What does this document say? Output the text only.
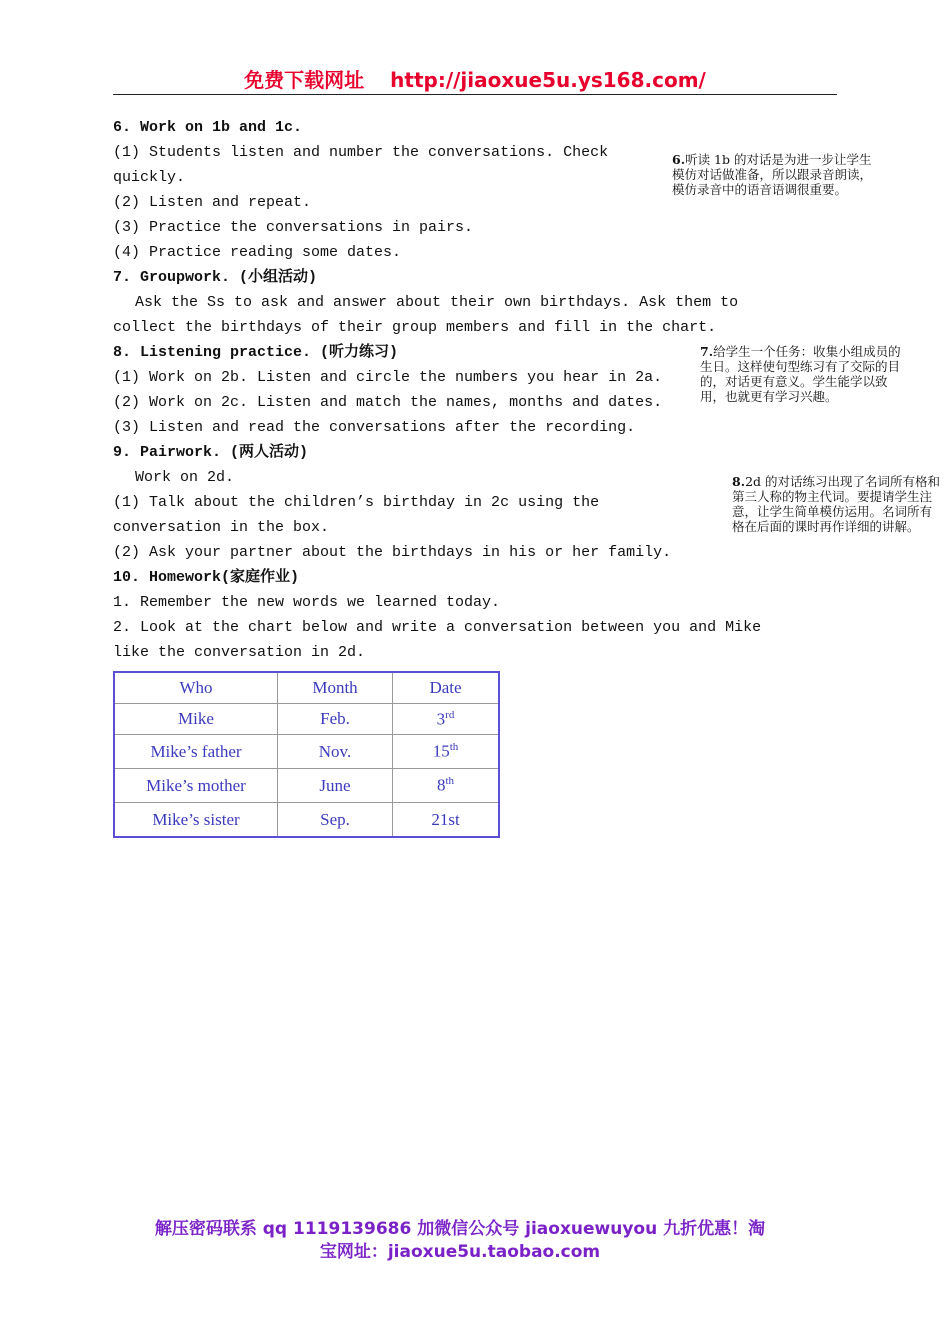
免费下载网址 http://jiaoxue5u.ys168.com/
6. Work on 1b and 1c.
(1) Students listen and number the conversations. Check
quickly.
(2) Listen and repeat.
(3) Practice the conversations in pairs.
(4) Practice reading some dates.
7. Groupwork. (小组活动)
Ask the Ss to ask and answer about their own birthdays. Ask them to
collect the birthdays of their group members and fill in the chart.
8. Listening practice. (听力练习)
(1) Work on 2b. Listen and circle the numbers you hear in 2a.
(2) Work on 2c. Listen and match the names, months and dates.
(3) Listen and read the conversations after the recording.
9. Pairwork. (两人活动)
Work on 2d.
(1) Talk about the children’s birthday in 2c using the
conversation in the box.
(2) Ask your partner about the birthdays in his or her family.
10. Homework(家庭作业)
1. Remember the new words we learned today.
2. Look at the chart below and write a conversation between you and Mike
like the conversation in 2d.
6.听读 1b 的对话是为进一步让学生模仿对话做准备，所以跟录音朗读，模仿录音中的语音语调很重要。
7.给学生一个任务：收集小组成员的生日。这样使句型练习有了交际的目的，对话更有意义。学生能学以致用，也就更有学习兴趣。
8.2d 的对话练习出现了名词所有格和第三人称的物主代词。要提请学生注意，让学生简单模仿运用。名词所有格在后面的课时再作详细的讲解。
Who	Month	Date
Mike	Feb.	3rd
Mike’s father	Nov.	15th
Mike’s mother	June	8th
Mike’s sister	Sep.	21st
解压密码联系 qq 1119139686 加微信公众号 jiaoxuewuyou 九折优惠！淘
宝网址：jiaoxue5u.taobao.com
